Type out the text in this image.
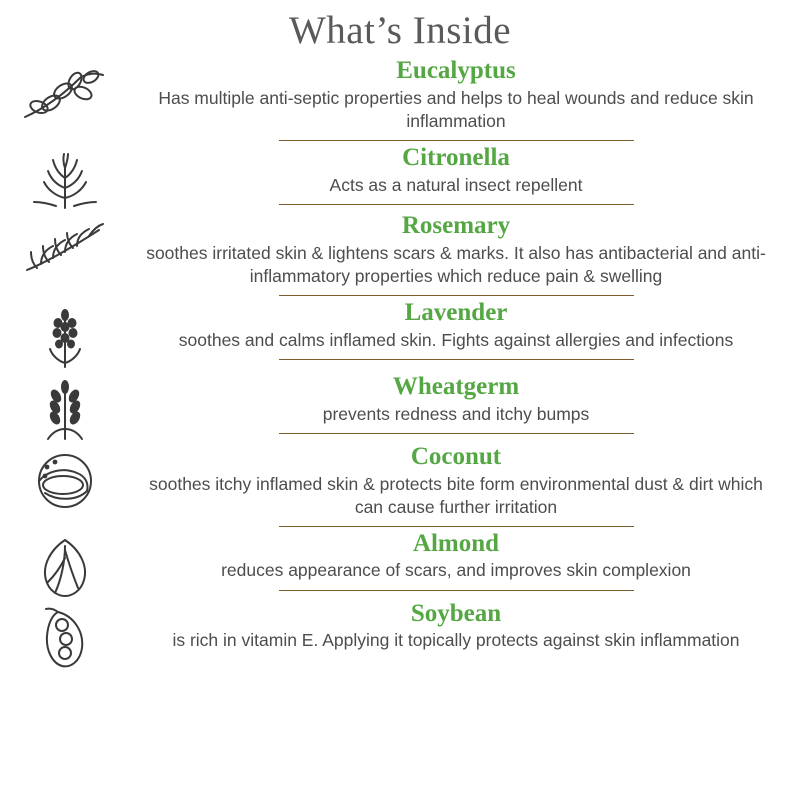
What’s Inside
Eucalyptus
Has multiple anti-septic properties and helps to heal wounds and reduce skin inflammation
Citronella
Acts as a natural insect repellent
Rosemary
soothes irritated skin & lightens scars & marks. It also has antibacterial and anti-inflammatory properties which reduce pain & swelling
Lavender
soothes and calms inflamed skin. Fights against allergies and infections
Wheatgerm
prevents redness and itchy bumps
Coconut
soothes itchy inflamed skin & protects bite form environmental dust & dirt which can cause further irritation
Almond
reduces appearance of scars, and improves skin complexion
Soybean
is rich in vitamin E. Applying it topically protects against skin inflammation
